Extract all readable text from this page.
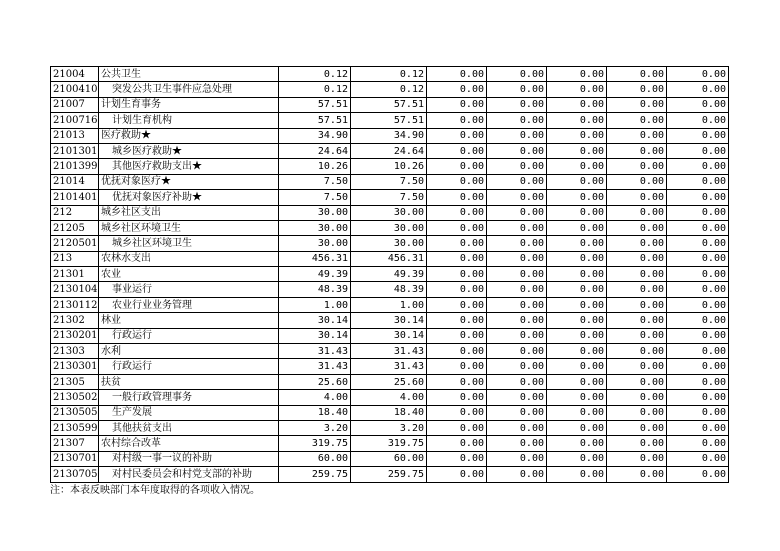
21004	公共卫生	0.12	0.12	0.00	0.00	0.00	0.00	0.00
2100410	突发公共卫生事件应急处理	0.12	0.12	0.00	0.00	0.00	0.00	0.00
21007	计划生育事务	57.51	57.51	0.00	0.00	0.00	0.00	0.00
2100716	计划生育机构	57.51	57.51	0.00	0.00	0.00	0.00	0.00
21013	医疗救助★	34.90	34.90	0.00	0.00	0.00	0.00	0.00
2101301	城乡医疗救助★	24.64	24.64	0.00	0.00	0.00	0.00	0.00
2101399	其他医疗救助支出★	10.26	10.26	0.00	0.00	0.00	0.00	0.00
21014	优抚对象医疗★	7.50	7.50	0.00	0.00	0.00	0.00	0.00
2101401	优抚对象医疗补助★	7.50	7.50	0.00	0.00	0.00	0.00	0.00
212	城乡社区支出	30.00	30.00	0.00	0.00	0.00	0.00	0.00
21205	城乡社区环境卫生	30.00	30.00	0.00	0.00	0.00	0.00	0.00
2120501	城乡社区环境卫生	30.00	30.00	0.00	0.00	0.00	0.00	0.00
213	农林水支出	456.31	456.31	0.00	0.00	0.00	0.00	0.00
21301	农业	49.39	49.39	0.00	0.00	0.00	0.00	0.00
2130104	事业运行	48.39	48.39	0.00	0.00	0.00	0.00	0.00
2130112	农业行业业务管理	1.00	1.00	0.00	0.00	0.00	0.00	0.00
21302	林业	30.14	30.14	0.00	0.00	0.00	0.00	0.00
2130201	行政运行	30.14	30.14	0.00	0.00	0.00	0.00	0.00
21303	水利	31.43	31.43	0.00	0.00	0.00	0.00	0.00
2130301	行政运行	31.43	31.43	0.00	0.00	0.00	0.00	0.00
21305	扶贫	25.60	25.60	0.00	0.00	0.00	0.00	0.00
2130502	一般行政管理事务	4.00	4.00	0.00	0.00	0.00	0.00	0.00
2130505	生产发展	18.40	18.40	0.00	0.00	0.00	0.00	0.00
2130599	其他扶贫支出	3.20	3.20	0.00	0.00	0.00	0.00	0.00
21307	农村综合改革	319.75	319.75	0.00	0.00	0.00	0.00	0.00
2130701	对村级一事一议的补助	60.00	60.00	0.00	0.00	0.00	0.00	0.00
2130705	对村民委员会和村党支部的补助	259.75	259.75	0.00	0.00	0.00	0.00	0.00
注：本表反映部门本年度取得的各项收入情况。
